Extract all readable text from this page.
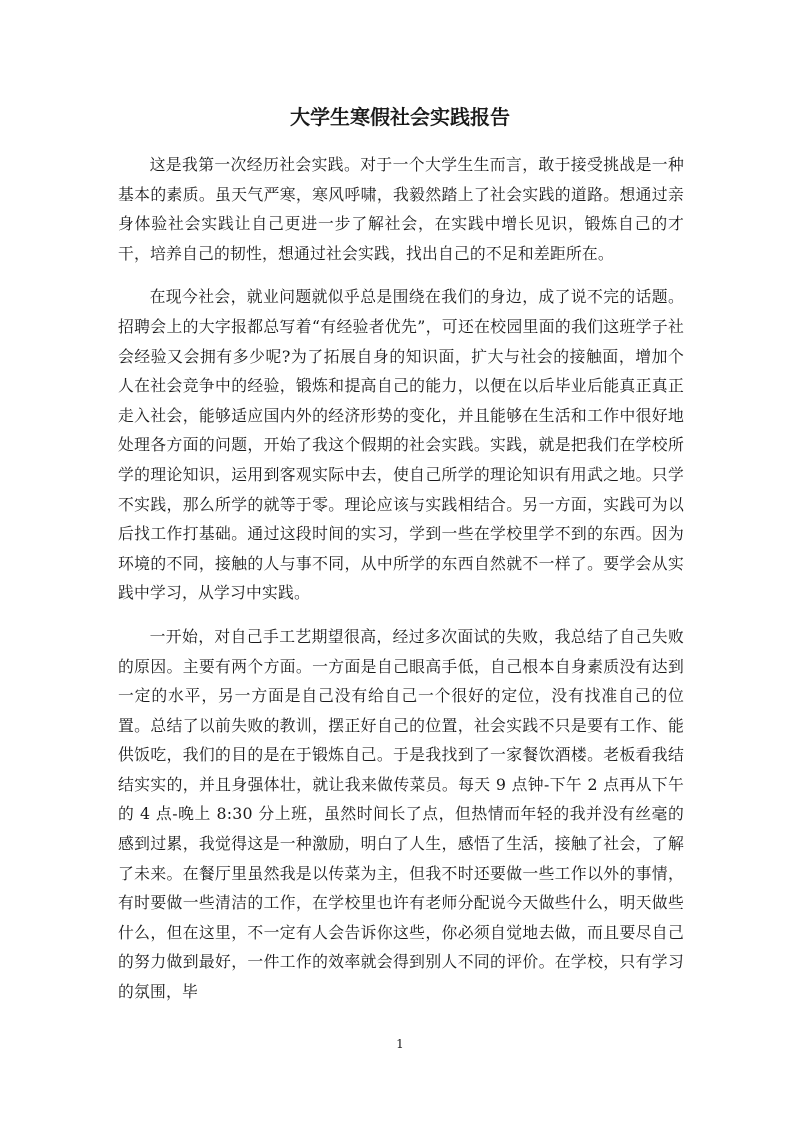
大学生寒假社会实践报告

这是我第一次经历社会实践。对于一个大学生生而言，敢于接受挑战是一种基本的素质。虽天气严寒，寒风呼啸，我毅然踏上了社会实践的道路。想通过亲身体验社会实践让自己更进一步了解社会，在实践中增长见识，锻炼自己的才干，培养自己的韧性，想通过社会实践，找出自己的不足和差距所在。

在现今社会，就业问题就似乎总是围绕在我们的身边，成了说不完的话题。招聘会上的大字报都总写着“有经验者优先”，可还在校园里面的我们这班学子社会经验又会拥有多少呢?为了拓展自身的知识面，扩大与社会的接触面，增加个人在社会竞争中的经验，锻炼和提高自己的能力，以便在以后毕业后能真正真正走入社会，能够适应国内外的经济形势的变化，并且能够在生活和工作中很好地处理各方面的问题，开始了我这个假期的社会实践。实践，就是把我们在学校所学的理论知识，运用到客观实际中去，使自己所学的理论知识有用武之地。只学不实践，那么所学的就等于零。理论应该与实践相结合。另一方面，实践可为以后找工作打基础。通过这段时间的实习，学到一些在学校里学不到的东西。因为环境的不同，接触的人与事不同，从中所学的东西自然就不一样了。要学会从实践中学习，从学习中实践。

一开始，对自己手工艺期望很高，经过多次面试的失败，我总结了自己失败的原因。主要有两个方面。一方面是自己眼高手低，自己根本自身素质没有达到一定的水平，另一方面是自己没有给自己一个很好的定位，没有找准自己的位置。总结了以前失败的教训，摆正好自己的位置，社会实践不只是要有工作、能供饭吃，我们的目的是在于锻炼自己。于是我找到了一家餐饮酒楼。老板看我结结实实的，并且身强体壮，就让我来做传菜员。每天 9 点钟-下午 2 点再从下午的 4 点-晚上 8:30 分上班，虽然时间长了点，但热情而年轻的我并没有丝毫的感到过累，我觉得这是一种激励，明白了人生，感悟了生活，接触了社会，了解了未来。在餐厅里虽然我是以传菜为主，但我不时还要做一些工作以外的事情，有时要做一些清洁的工作，在学校里也许有老师分配说今天做些什么，明天做些什么，但在这里，不一定有人会告诉你这些，你必须自觉地去做，而且要尽自己的努力做到最好，一件工作的效率就会得到别人不同的评价。在学校，只有学习的氛围，毕

1
